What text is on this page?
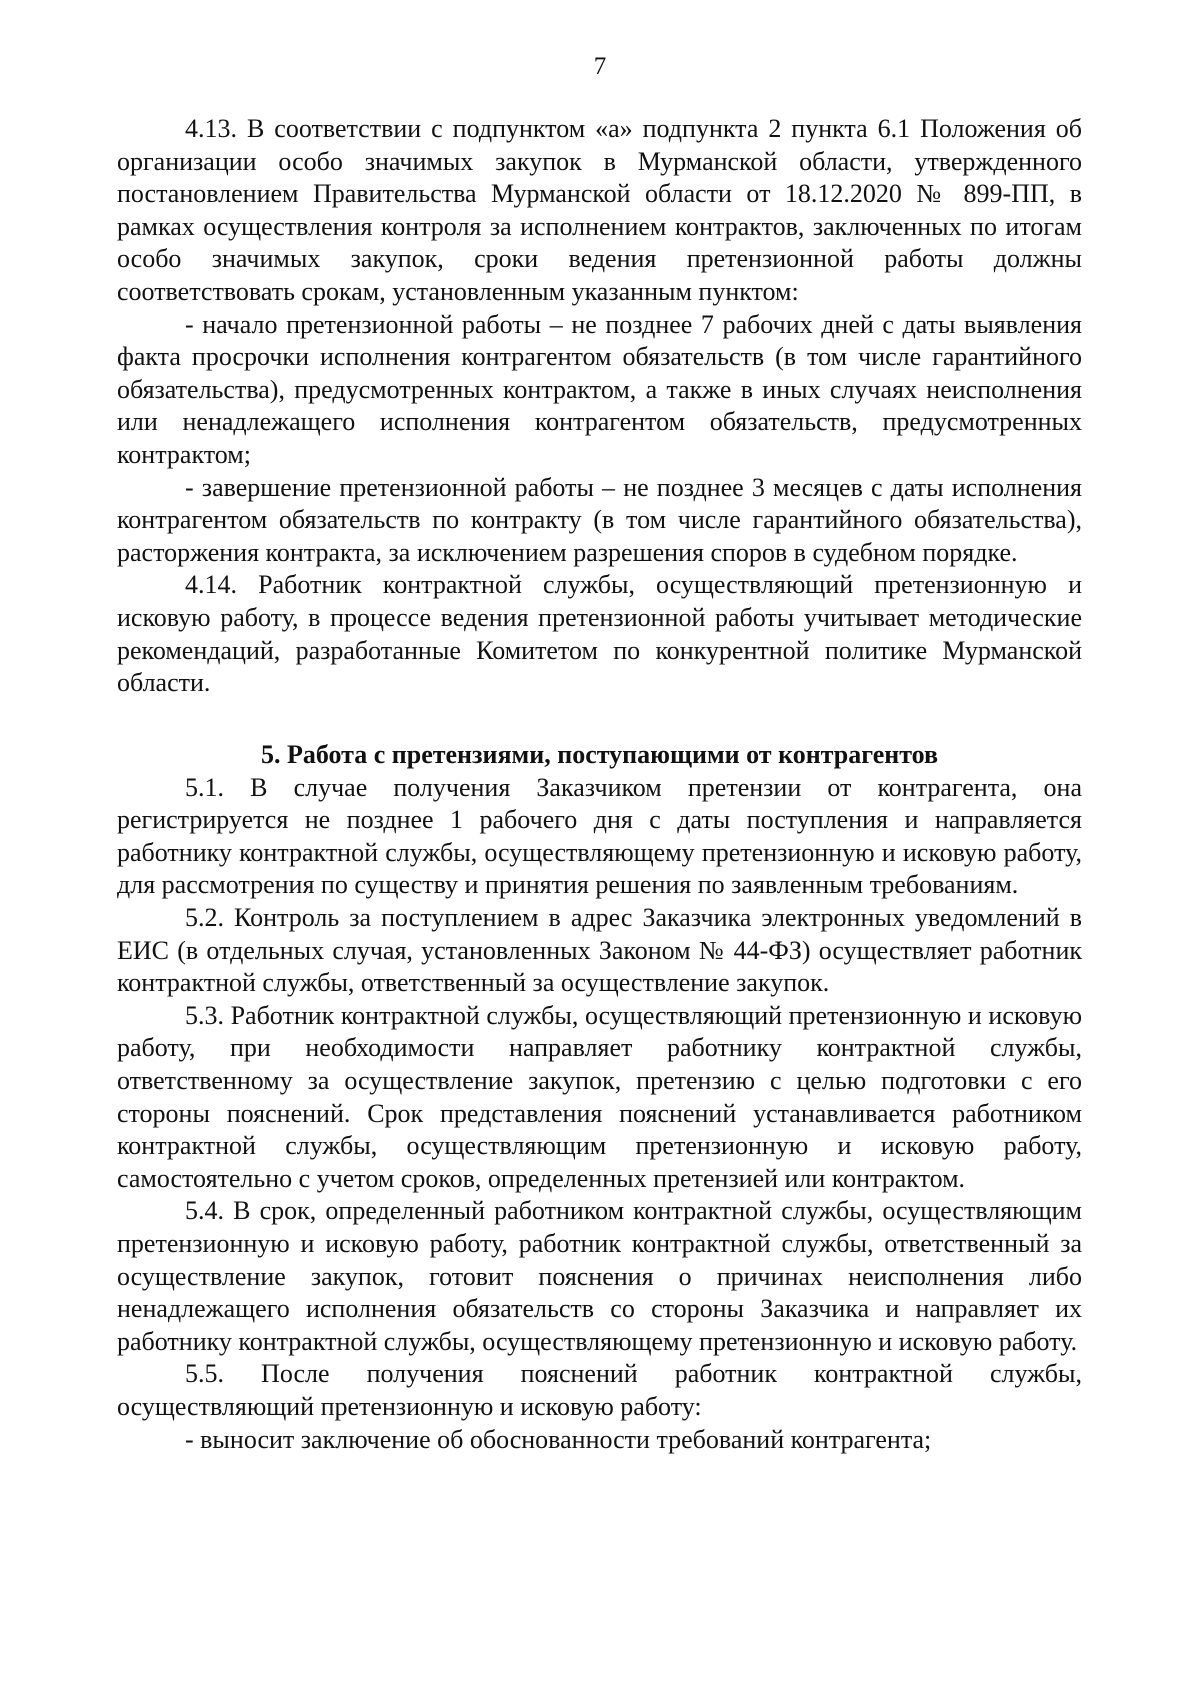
7

4.13. В соответствии с подпунктом «а» подпункта 2 пункта 6.1 Положения об организации особо значимых закупок в Мурманской области, утвержденного постановлением Правительства Мурманской области от 18.12.2020 № 899-ПП, в рамках осуществления контроля за исполнением контрактов, заключенных по итогам особо значимых закупок, сроки ведения претензионной работы должны соответствовать срокам, установленным указанным пунктом:

- начало претензионной работы – не позднее 7 рабочих дней с даты выявления факта просрочки исполнения контрагентом обязательств (в том числе гарантийного обязательства), предусмотренных контрактом, а также в иных случаях неисполнения или ненадлежащего исполнения контрагентом обязательств, предусмотренных контрактом;

- завершение претензионной работы – не позднее 3 месяцев с даты исполнения контрагентом обязательств по контракту (в том числе гарантийного обязательства), расторжения контракта, за исключением разрешения споров в судебном порядке.

4.14. Работник контрактной службы, осуществляющий претензионную и исковую работу, в процессе ведения претензионной работы учитывает методические рекомендаций, разработанные Комитетом по конкурентной политике Мурманской области.

5. Работа с претензиями, поступающими от контрагентов

5.1. В случае получения Заказчиком претензии от контрагента, она регистрируется не позднее 1 рабочего дня с даты поступления и направляется работнику контрактной службы, осуществляющему претензионную и исковую работу, для рассмотрения по существу и принятия решения по заявленным требованиям.

5.2. Контроль за поступлением в адрес Заказчика электронных уведомлений в ЕИС (в отдельных случая, установленных Законом № 44-ФЗ) осуществляет работник контрактной службы, ответственный за осуществление закупок.

5.3. Работник контрактной службы, осуществляющий претензионную и исковую работу, при необходимости направляет работнику контрактной службы, ответственному за осуществление закупок, претензию с целью подготовки с его стороны пояснений. Срок представления пояснений устанавливается работником контрактной службы, осуществляющим претензионную и исковую работу, самостоятельно с учетом сроков, определенных претензией или контрактом.

5.4. В срок, определенный работником контрактной службы, осуществляющим претензионную и исковую работу, работник контрактной службы, ответственный за осуществление закупок, готовит пояснения о причинах неисполнения либо ненадлежащего исполнения обязательств со стороны Заказчика и направляет их работнику контрактной службы, осуществляющему претензионную и исковую работу.

5.5. После получения пояснений работник контрактной службы, осуществляющий претензионную и исковую работу:

- выносит заключение об обоснованности требований контрагента;
